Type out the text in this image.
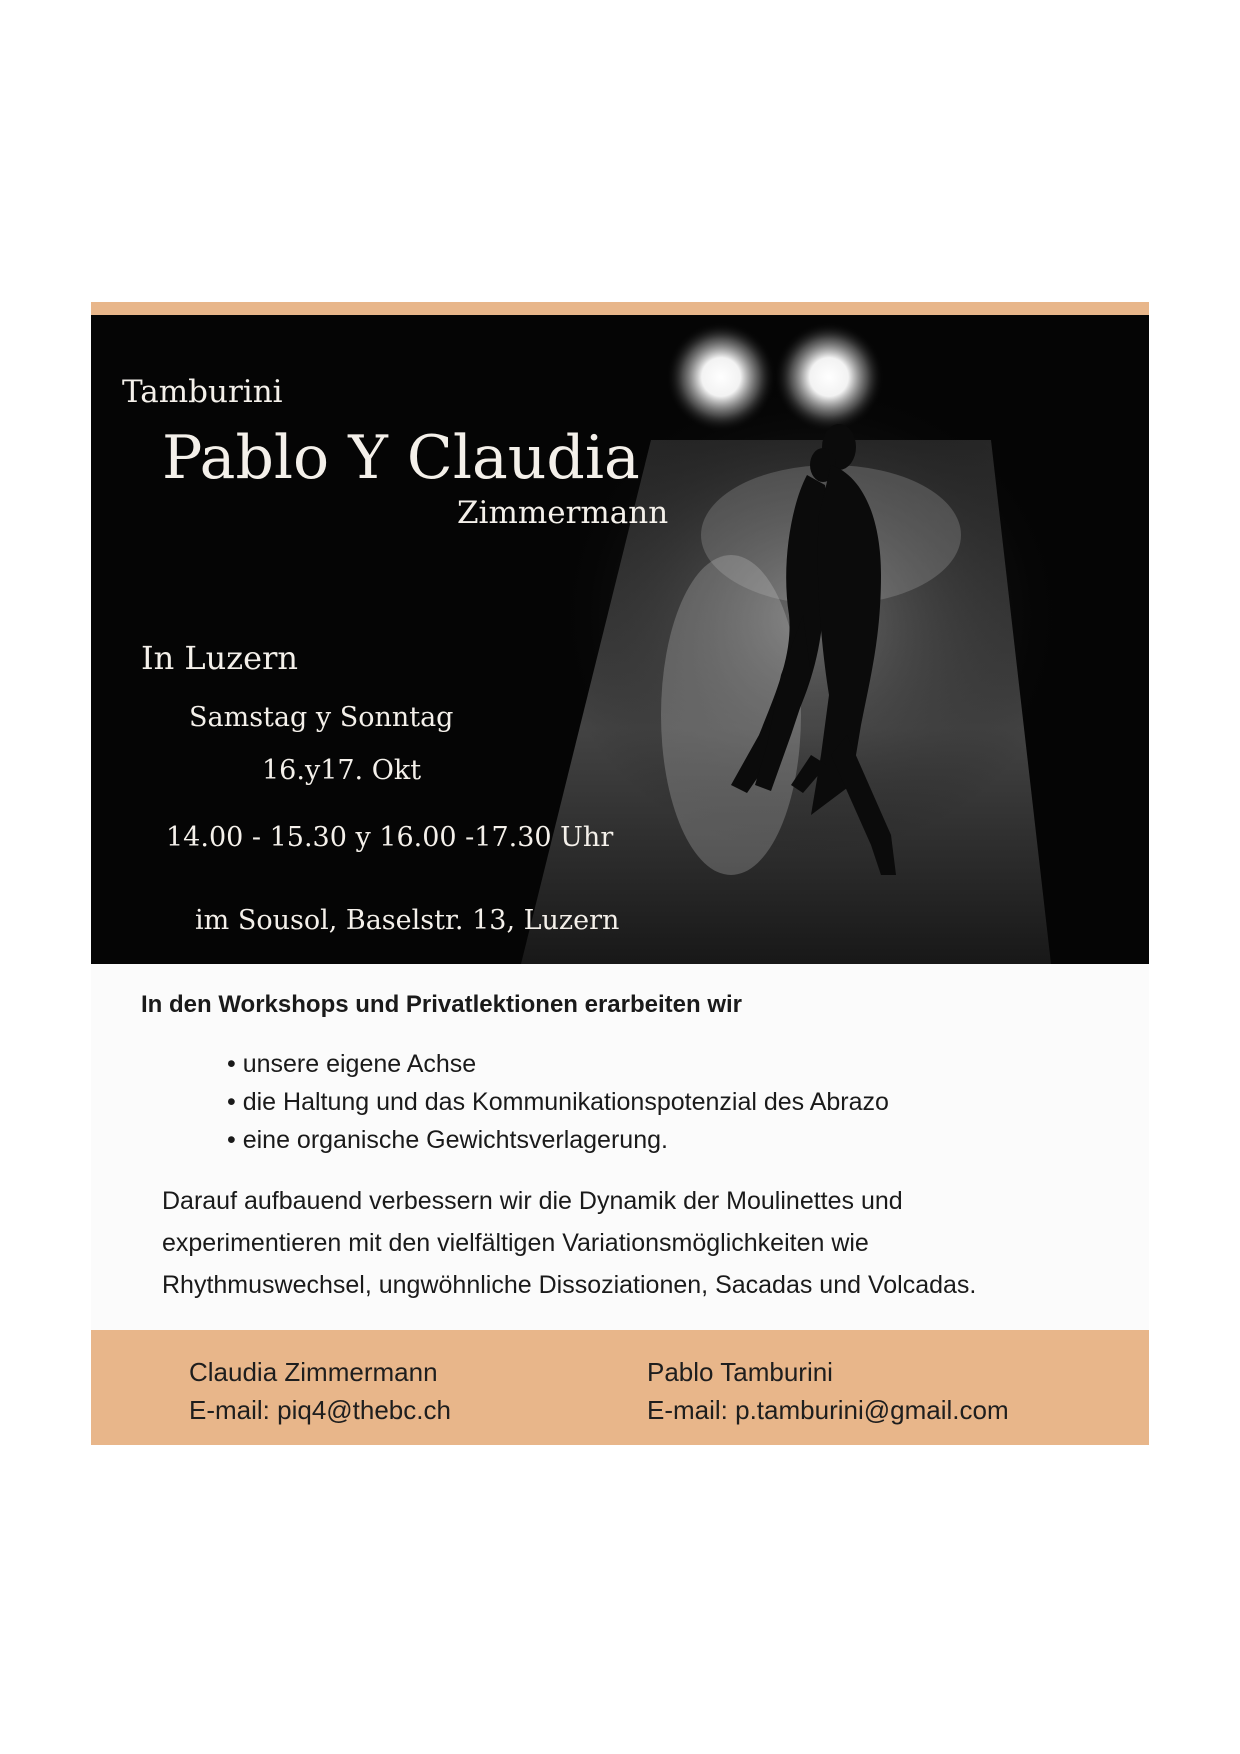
Tamburini
Pablo Y Claudia
Zimmermann
In Luzern
Samstag y Sonntag
16.y17. Okt
14.00 - 15.30 y 16.00 -17.30 Uhr
im Sousol, Baselstr. 13, Luzern
In den Workshops und Privatlektionen erarbeiten wir
• unsere eigene Achse
• die Haltung und das Kommunikationspotenzial des Abrazo
• eine organische Gewichtsverlagerung.
Darauf aufbauend verbessern wir die Dynamik der Moulinettes und
experimentieren mit den vielfältigen Variationsmöglichkeiten wie
Rhythmuswechsel, ungwöhnliche Dissoziationen, Sacadas und Volcadas.
Claudia Zimmermann
E-mail: piq4@thebc.ch
Pablo Tamburini
E-mail: p.tamburini@gmail.com
